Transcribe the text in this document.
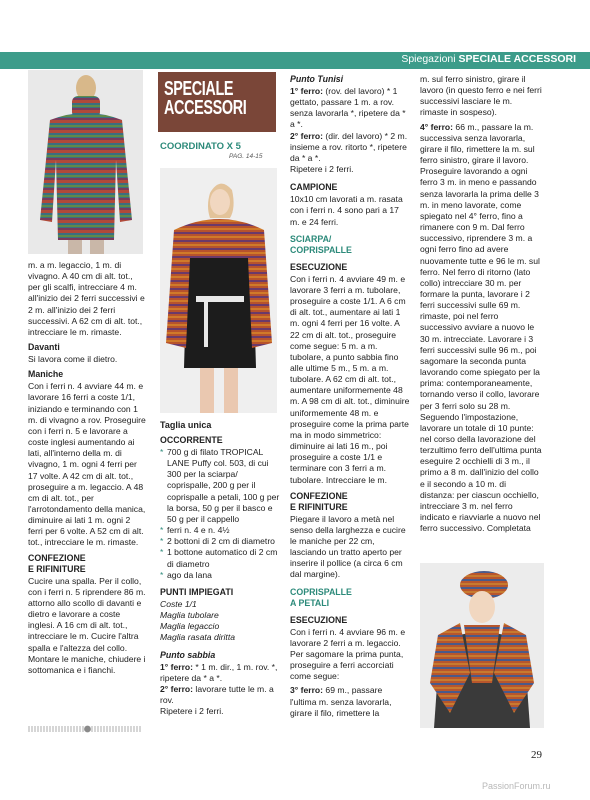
Spiegazioni SPECIALE ACCESSORI

m. a m. legaccio, 1 m. di vivagno. A 40 cm di alt. tot., per gli scalfi, intrecciare 4 m. all'inizio dei 2 ferri successivi e 2 m. all'inizio dei 2 ferri successivi. A 62 cm di alt. tot., intrecciare le m. rimaste.

Davanti

Si lavora come il dietro.

Maniche

Con i ferri n. 4 avviare 44 m. e lavorare 16 ferri a coste 1/1, iniziando e terminando con 1 m. di vivagno a rov. Proseguire con i ferri n. 5 e lavorare a coste inglesi aumentando ai lati, all'interno della m. di vivagno, 1 m. ogni 4 ferri per 17 volte. A 42 cm di alt. tot., proseguire a m. legaccio. A 48 cm di alt. tot., per l'arrotondamento della manica, diminuire ai lati 1 m. ogni 2 ferri per 6 volte. A 52 cm di alt. tot., intrecciare le m. rimaste.

CONFEZIONE
E RIFINITURE

Cucire una spalla. Per il collo, con i ferri n. 5 riprendere 86 m. attorno allo scollo di davanti e dietro e lavorare a coste inglesi. A 16 cm di alt. tot., intrecciare le m. Cucire l'altra spalla e l'altezza del collo. Montare le maniche, chiudere i sottomanica e i fianchi.

SPECIALE
ACCESSORI
COORDINATO X 5
PAG. 14-15
Taglia unica
OCCORRENTE
* 700 g di filato TROPICAL LANE Puffy col. 503, di cui 300 per la sciarpa/ coprispalle, 200 g per il coprispalle a petali, 100 g per la borsa, 50 g per il basco e 50 g per il cappello
* ferri n. 4 e n. 4½
* 2 bottoni di 2 cm di diametro
* 1 bottone automatico di 2 cm di diametro
* ago da lana
PUNTI IMPIEGATI
Coste 1/1
Maglia tubolare
Maglia legaccio
Maglia rasata diritta
Punto sabbia
1° ferro: * 1 m. dir., 1 m. rov. *, ripetere da * a *.
2° ferro: lavorare tutte le m. a rov.
Ripetere i 2 ferri.
Punto Tunisi
1° ferro: (rov. del lavoro) * 1 gettato, passare 1 m. a rov. senza lavorarla *, ripetere da * a *.
2° ferro: (dir. del lavoro) * 2 m. insieme a rov. ritorto *, ripetere da * a *.
Ripetere i 2 ferri.
CAMPIONE

10x10 cm lavorati a m. rasata con i ferri n. 4 sono pari a 17 m. e 24 ferri.

SCIARPA/
COPRISPALLE
ESECUZIONE

Con i ferri n. 4 avviare 49 m. e lavorare 3 ferri a m. tubolare, proseguire a coste 1/1. A 6 cm di alt. tot., aumentare ai lati 1 m. ogni 4 ferri per 16 volte. A 22 cm di alt. tot., proseguire come segue: 5 m. a m. tubolare, a punto sabbia fino alle ultime 5 m., 5 m. a m. tubolare. A 62 cm di alt. tot., aumentare uniformemente 48 m. A 98 cm di alt. tot., diminuire uniformemente 48 m. e proseguire come la prima parte ma in modo simmetrico: diminuire ai lati 16 m., poi proseguire a coste 1/1 e terminare con 3 ferri a m. tubolare. Intrecciare le m.

CONFEZIONE
E RIFINITURE

Piegare il lavoro a metà nel senso della larghezza e cucire le maniche per 22 cm, lasciando un tratto aperto per inserire il pollice (a circa 6 cm dal margine).

COPRISPALLE
A PETALI
ESECUZIONE

Con i ferri n. 4 avviare 96 m. e lavorare 2 ferri a m. legaccio. Per sagomare la prima punta, proseguire a ferri accorciati come segue:

3° ferro: 69 m., passare l'ultima m. senza lavorarla, girare il filo, rimettere la

m. sul ferro sinistro, girare il lavoro (in questo ferro e nei ferri successivi lasciare le m. rimaste in sospeso).

4° ferro: 66 m., passare la m. successiva senza lavorarla, girare il filo, rimettere la m. sul ferro sinistro, girare il lavoro.

Proseguire lavorando a ogni ferro 3 m. in meno e passando senza lavorarla la prima delle 3 m. in meno lavorate, come spiegato nel 4° ferro, fino a rimanere con 9 m. Dal ferro successivo, riprendere 3 m. a ogni ferro fino ad avere nuovamente tutte e 96 le m. sul ferro. Nel ferro di ritorno (lato collo) intrecciare 30 m. per formare la punta, lavorare i 2 ferri successivi sulle 69 m. rimaste, poi nel ferro successivo avviare a nuovo le 30 m. intrecciate. Lavorare i 3 ferri successivi sulle 96 m., poi sagomare la seconda punta lavorando come spiegato per la prima: contemporaneamente, tornando verso il collo, lavorare per 3 ferri solo su 28 m. Seguendo l'impostazione, lavorare un totale di 10 punte: nel corso della lavorazione del terzultimo ferro dell'ultima punta eseguire 2 occhielli di 3 m., il primo a 8 m. dall'inizio del collo e il secondo a 10 m. di distanza: per ciascun occhiello, intrecciare 3 m. nel ferro indicato e riavviarle a nuovo nel ferro successivo. Completata

29
PassionForum.ru
